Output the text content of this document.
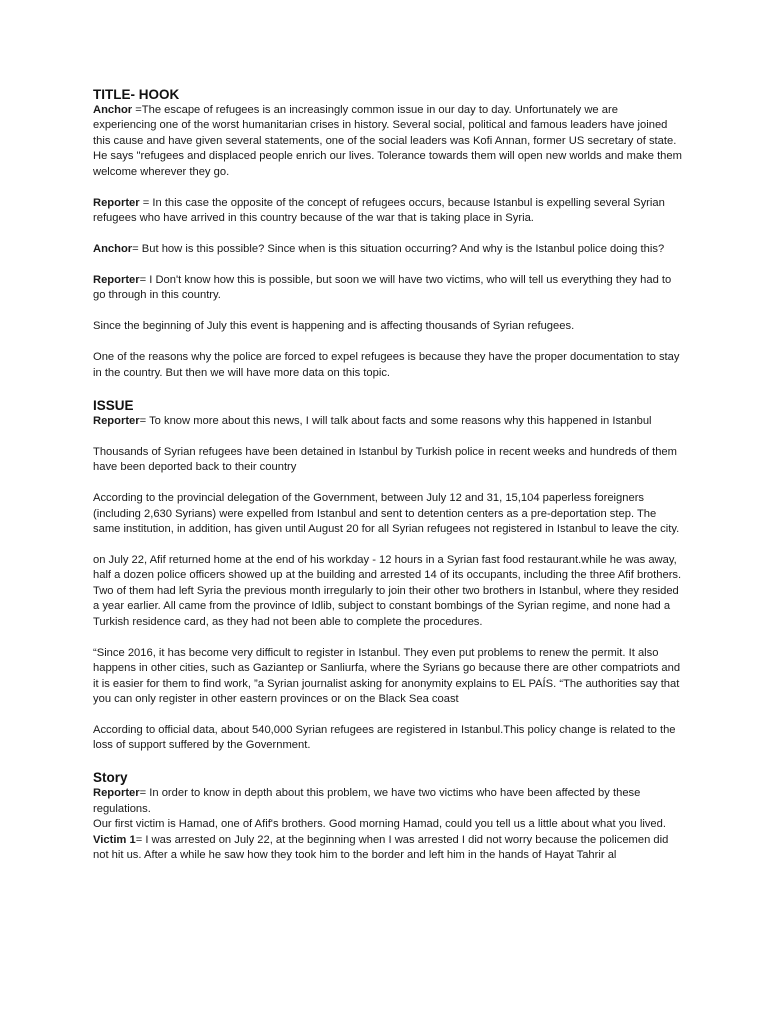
TITLE- HOOK

Anchor =The escape of refugees is an increasingly common issue in our day to day. Unfortunately we are experiencing one of the worst humanitarian crises in history. Several social, political and famous leaders have joined this cause and have given several statements, one of the social leaders was Kofi Annan, former US secretary of state. He says "refugees and displaced people enrich our lives. Tolerance towards them will open new worlds and make them welcome wherever they go.

Reporter = In this case the opposite of the concept of refugees occurs, because Istanbul is expelling several Syrian refugees who have arrived in this country because of the war that is taking place in Syria.

Anchor= But how is this possible? Since when is this situation occurring? And why is the Istanbul police doing this?

Reporter= I Don't know how this is possible, but soon we will have two victims, who will tell us everything they had to go through in this country.

Since the beginning of July this event is happening and is affecting thousands of Syrian refugees.

One of the reasons why the police are forced to expel refugees is because they have the proper documentation to stay in the country. But then we will have more data on this topic.

ISSUE

Reporter= To know more about this news, I will talk about facts and some reasons why this happened in Istanbul

Thousands of Syrian refugees have been detained in Istanbul by Turkish police in recent weeks and hundreds of them have been deported back to their country

According to the provincial delegation of the Government, between July 12 and 31, 15,104 paperless foreigners (including 2,630 Syrians) were expelled from Istanbul and sent to detention centers as a pre-deportation step. The same institution, in addition, has given until August 20 for all Syrian refugees not registered in Istanbul to leave the city.

on July 22, Afif returned home at the end of his workday - 12 hours in a Syrian fast food restaurant.while he was away, half a dozen police officers showed up at the building and arrested 14 of its occupants, including the three Afif brothers. Two of them had left Syria the previous month irregularly to join their other two brothers in Istanbul, where they resided a year earlier. All came from the province of Idlib, subject to constant bombings of the Syrian regime, and none had a Turkish residence card, as they had not been able to complete the procedures.

“Since 2016, it has become very difficult to register in Istanbul. They even put problems to renew the permit. It also happens in other cities, such as Gaziantep or Sanliurfa, where the Syrians go because there are other compatriots and it is easier for them to find work, ”a Syrian journalist asking for anonymity explains to EL PAÍS. “The authorities say that you can only register in other eastern provinces or on the Black Sea coast

According to official data, about 540,000 Syrian refugees are registered in Istanbul.This policy change is related to the loss of support suffered by the Government.

Story

Reporter= In order to know in depth about this problem, we have two victims who have been affected by these regulations.

Our first victim is Hamad, one of Afif's brothers. Good morning Hamad, could you tell us a little about what you lived.

Victim 1= I was arrested on July 22, at the beginning when I was arrested I did not worry because the policemen did not hit us. After a while he saw how they took him to the border and left him in the hands of Hayat Tahrir al
